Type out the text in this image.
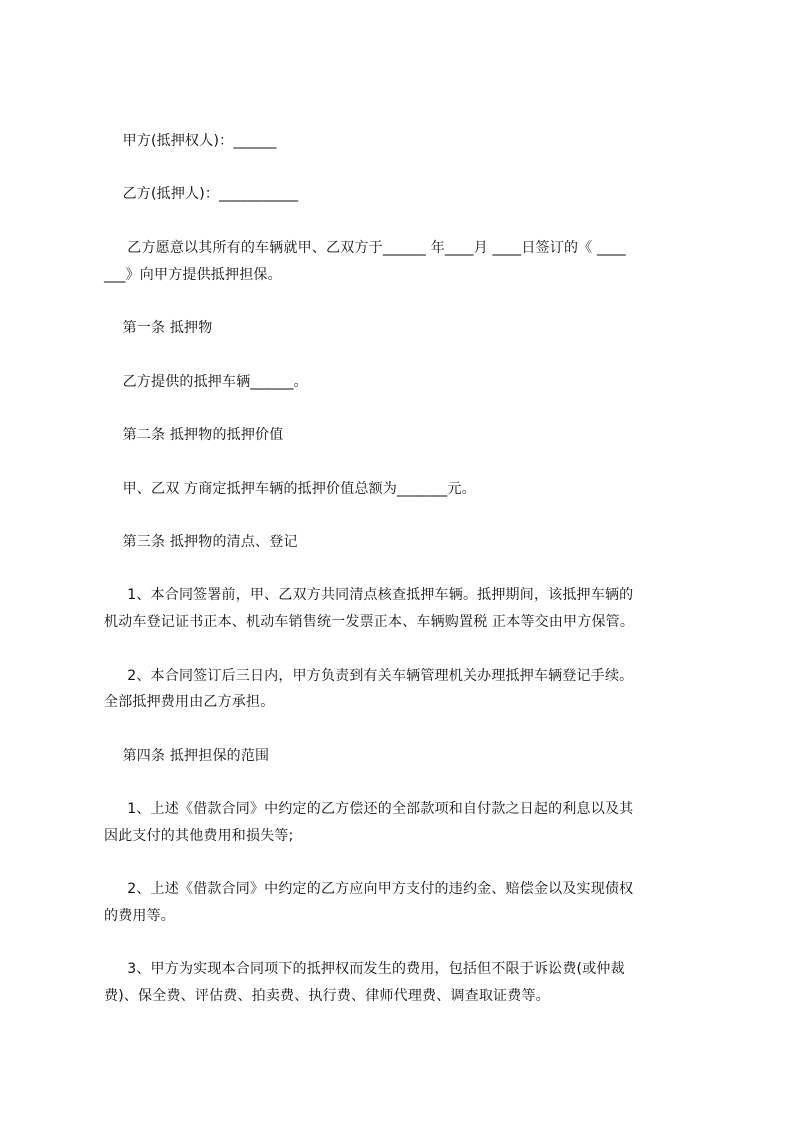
甲方(抵押权人)：______
乙方(抵押人)：___________
乙方愿意以其所有的车辆就甲、乙双方于______ 年____月 ____日签订的《 ____
___》向甲方提供抵押担保。
第一条 抵押物
乙方提供的抵押车辆______。
第二条 抵押物的抵押价值
甲、乙双 方商定抵押车辆的抵押价值总额为_______元。
第三条 抵押物的清点、登记
1、本合同签署前，甲、乙双方共同清点核查抵押车辆。抵押期间，该抵押车辆的
机动车登记证书正本、机动车销售统一发票正本、车辆购置税 正本等交由甲方保管。
2、本合同签订后三日内，甲方负责到有关车辆管理机关办理抵押车辆登记手续。
全部抵押费用由乙方承担。
第四条 抵押担保的范围
1、上述《借款合同》中约定的乙方偿还的全部款项和自付款之日起的利息以及其
因此支付的其他费用和损失等;
2、上述《借款合同》中约定的乙方应向甲方支付的违约金、赔偿金以及实现债权
的费用等。
3、甲方为实现本合同项下的抵押权而发生的费用，包括但不限于诉讼费(或仲裁
费)、保全费、评估费、拍卖费、执行费、律师代理费、调查取证费等。
